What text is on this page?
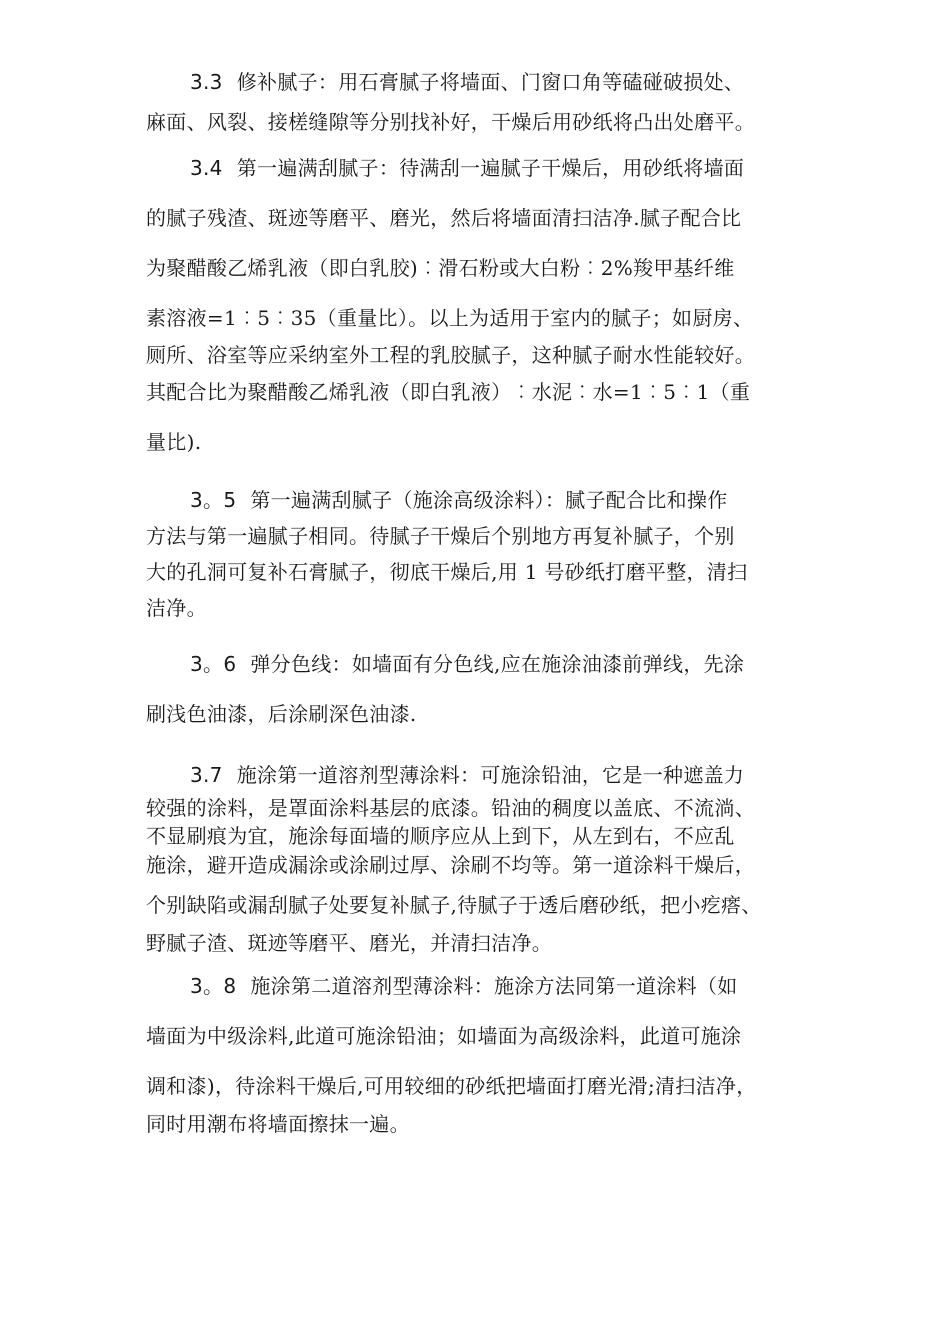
3.3 修补腻子：用石膏腻子将墙面、门窗口角等磕碰破损处、
麻面、风裂、接槎缝隙等分别找补好，干燥后用砂纸将凸出处磨平。
3.4 第一遍满刮腻子：待满刮一遍腻子干燥后，用砂纸将墙面
的腻子残渣、斑迹等磨平、磨光，然后将墙面清扫洁净.腻子配合比
为聚醋酸乙烯乳液（即白乳胶)︰滑石粉或大白粉︰2%羧甲基纤维
素溶液=1︰5︰35（重量比）。以上为适用于室内的腻子；如厨房、
厕所、浴室等应采纳室外工程的乳胶腻子，这种腻子耐水性能较好。
其配合比为聚醋酸乙烯乳液（即白乳液）︰水泥︰水=1︰5︰1（重
量比).
3。5 第一遍满刮腻子（施涂高级涂料）：腻子配合比和操作
方法与第一遍腻子相同。待腻子干燥后个别地方再复补腻子，个别
大的孔洞可复补石膏腻子，彻底干燥后,用 1 号砂纸打磨平整，清扫
洁净。
3。6 弹分色线：如墙面有分色线,应在施涂油漆前弹线，先涂
刷浅色油漆，后涂刷深色油漆.
3.7 施涂第一道溶剂型薄涂料：可施涂铅油，它是一种遮盖力
较强的涂料，是罩面涂料基层的底漆。铅油的稠度以盖底、不流淌、
不显刷痕为宜，施涂每面墙的顺序应从上到下，从左到右，不应乱
施涂，避开造成漏涂或涂刷过厚、涂刷不均等。第一道涂料干燥后，
个别缺陷或漏刮腻子处要复补腻子,待腻子于透后磨砂纸，把小疙瘩、
野腻子渣、斑迹等磨平、磨光，并清扫洁净。
3。8 施涂第二道溶剂型薄涂料：施涂方法同第一道涂料（如
墙面为中级涂料,此道可施涂铅油；如墙面为高级涂料，此道可施涂
调和漆)，待涂料干燥后,可用较细的砂纸把墙面打磨光滑;清扫洁净，
同时用潮布将墙面擦抹一遍。
